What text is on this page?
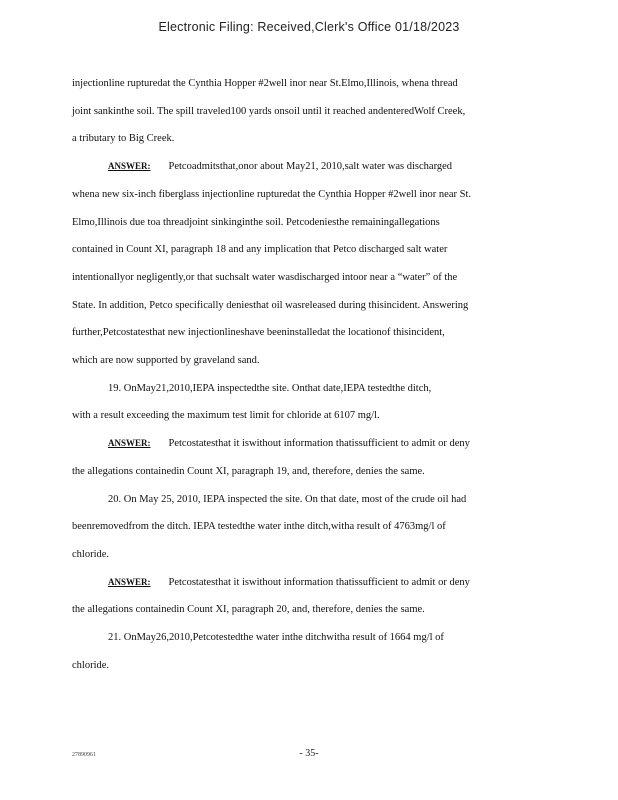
Electronic Filing: Received,Clerk's Office 01/18/2023
injectionline rupturedat the Cynthia Hopper #2well inor near St.Elmo,Illinois, whena thread
joint sankinthe soil. The spill traveled100 yards onsoil until it reached andenteredWolf Creek,
a tributary to Big Creek.
ANSWER: Petcoadmitsthat,onor about May21, 2010,salt water was discharged
whena new six-inch fiberglass injectionline rupturedat the Cynthia Hopper #2well inor near St.
Elmo,Illinois due toa threadjoint sinkinginthe soil. Petcodeniesthe remainingallegations
contained in Count XI, paragraph 18 and any implication that Petco discharged salt water
intentionallyor negligently,or that suchsalt water wasdischarged intoor near a “water” of the
State. In addition, Petco specifically deniesthat oil wasreleased during thisincident. Answering
further,Petcostatesthat new injectionlineshave beeninstalledat the locationof thisincident,
which are now supported by graveland sand.
19. OnMay21,2010,IEPA inspectedthe site. Onthat date,IEPA testedthe ditch,
with a result exceeding the maximum test limit for chloride at 6107 mg/l.
ANSWER: Petcostatesthat it iswithout information thatissufficient to admit or deny
the allegations containedin Count XI, paragraph 19, and, therefore, denies the same.
20. On May 25, 2010, IEPA inspected the site. On that date, most of the crude oil had
beenremovedfrom the ditch. IEPA testedthe water inthe ditch,witha result of 4763mg/l of
chloride.
ANSWER: Petcostatesthat it iswithout information thatissufficient to admit or deny
the allegations containedin Count XI, paragraph 20, and, therefore, denies the same.
21. OnMay26,2010,Petcotestedthe water inthe ditchwitha result of 1664 mg/l of
chloride.
27890961	- 35-
